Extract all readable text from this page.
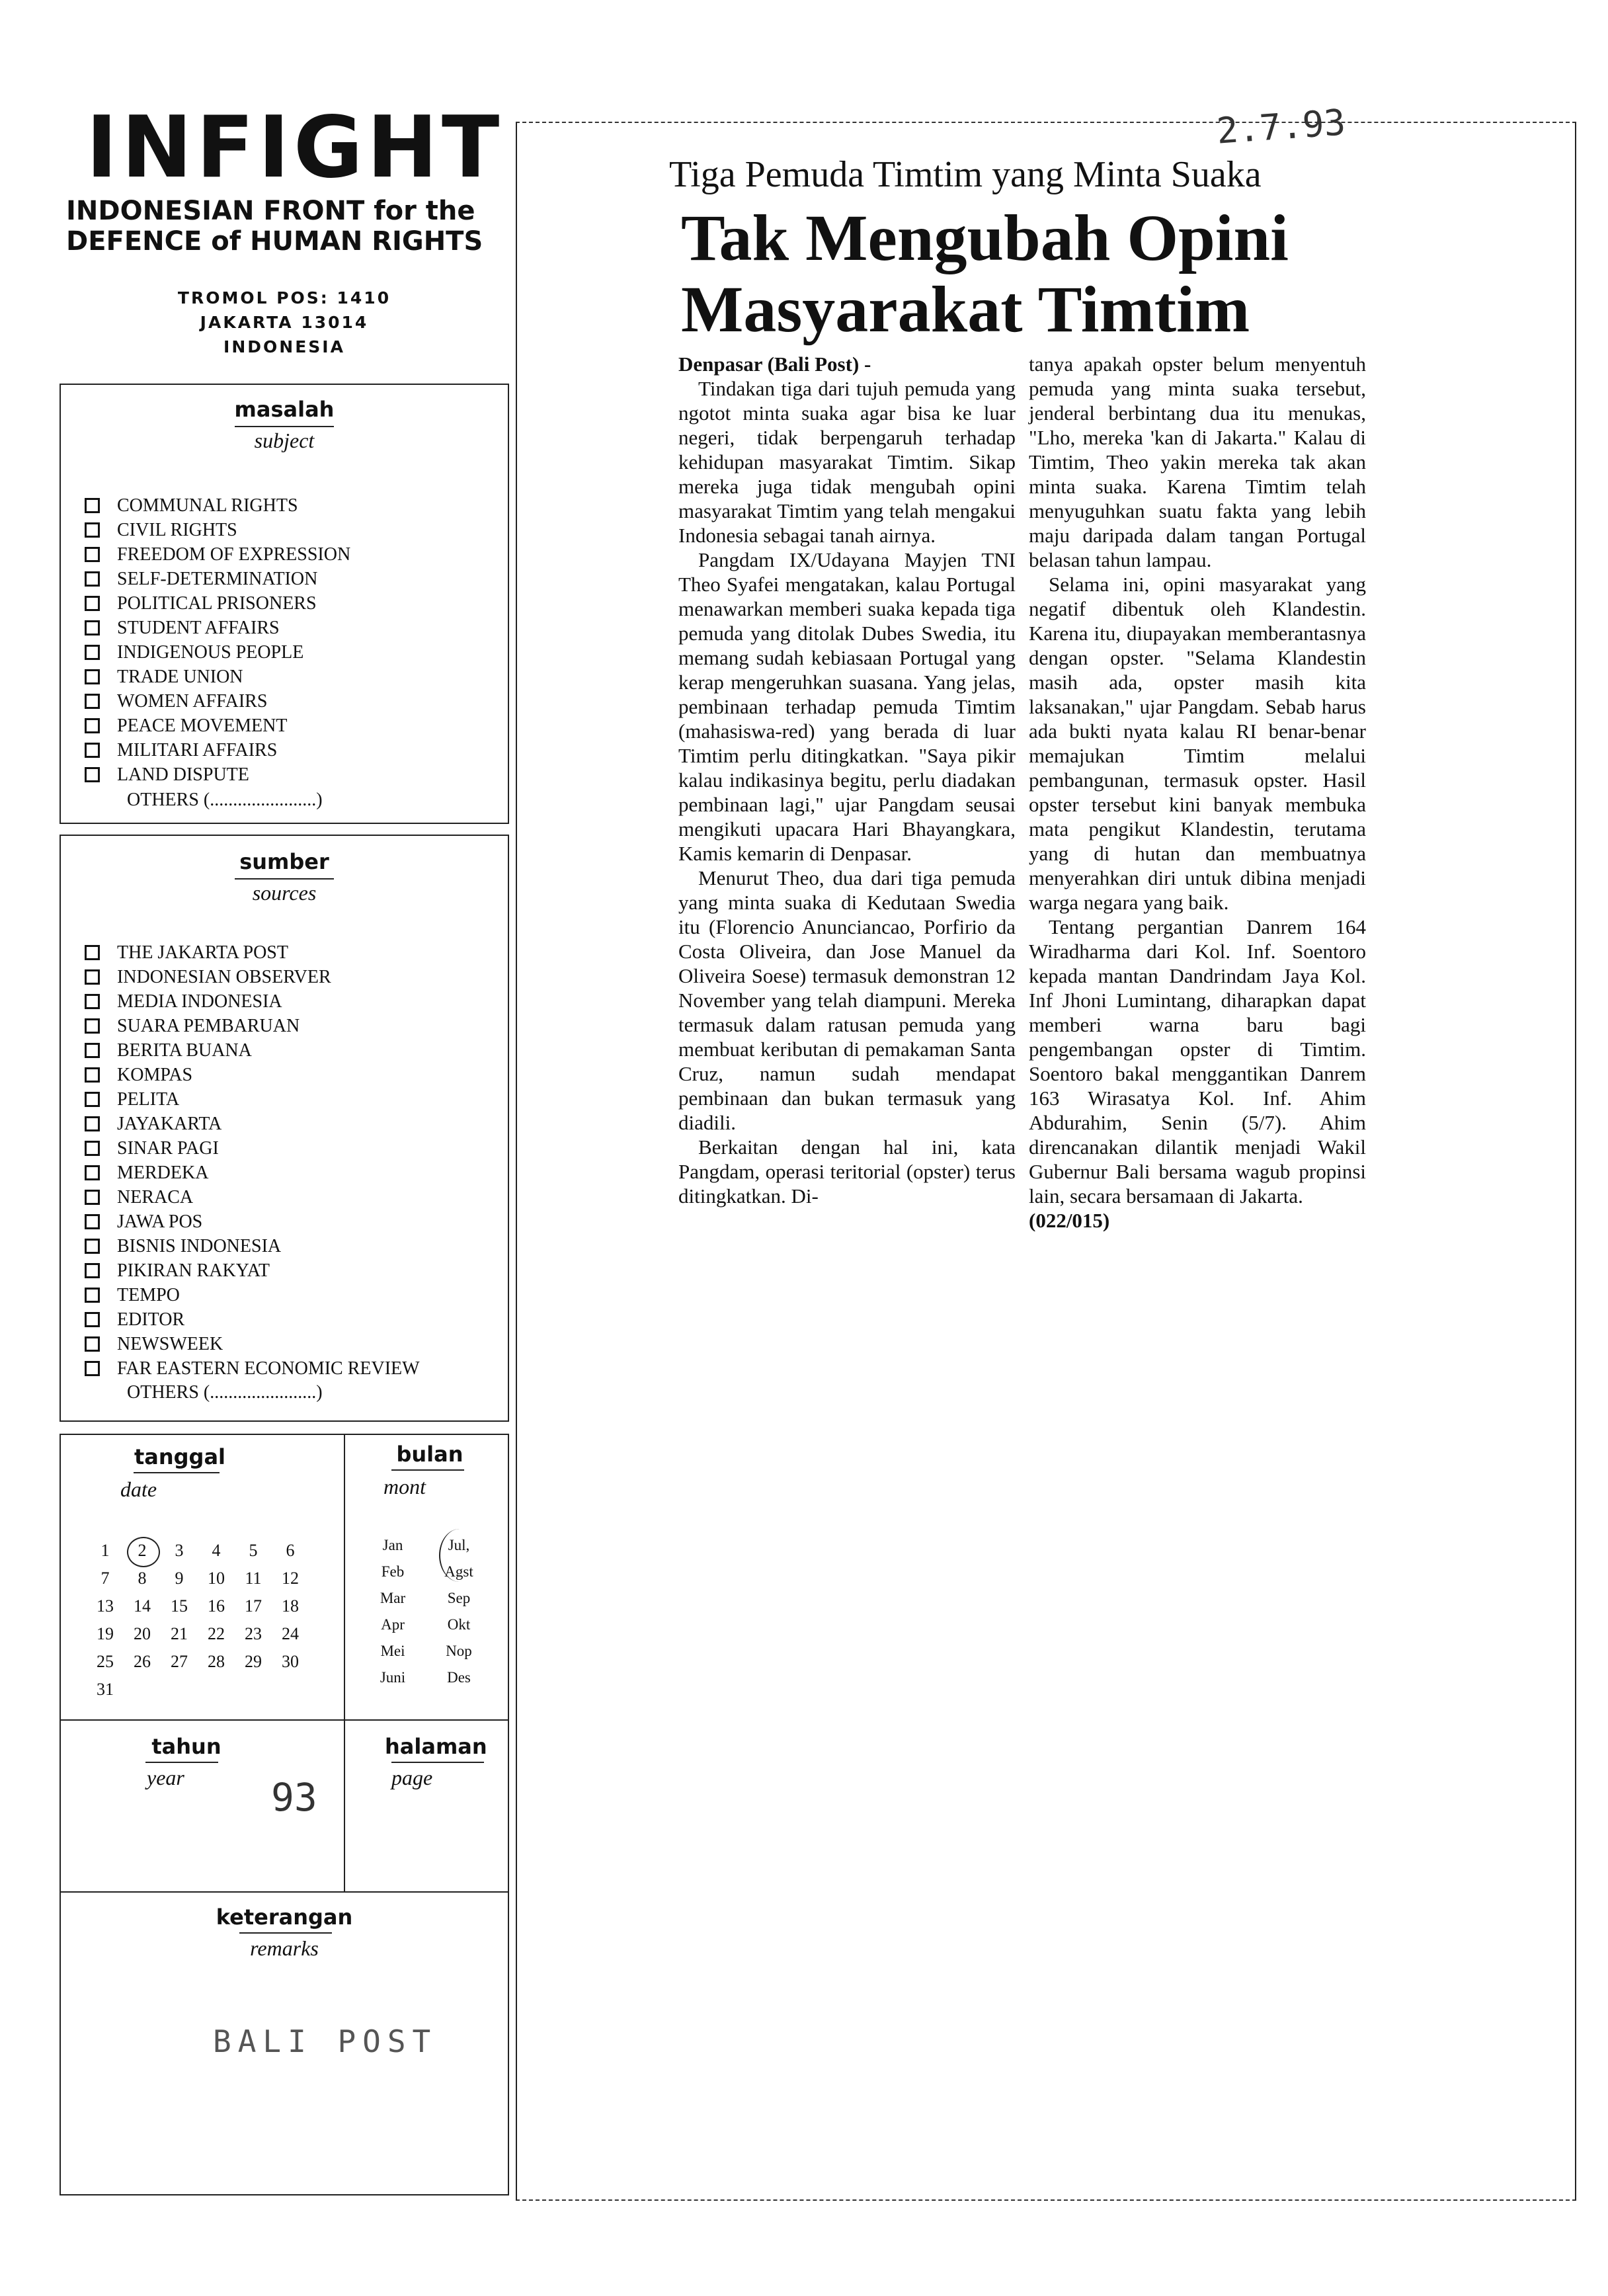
INFIGHT
INDONESIAN FRONT for the
DEFENCE of HUMAN RIGHTS
TROMOL POS: 1410
JAKARTA 13014
INDONESIA
masalah
subject
COMMUNAL RIGHTS
CIVIL RIGHTS
FREEDOM OF EXPRESSION
SELF-DETERMINATION
POLITICAL PRISONERS
STUDENT AFFAIRS
INDIGENOUS PEOPLE
TRADE UNION
WOMEN AFFAIRS
PEACE MOVEMENT
MILITARI AFFAIRS
LAND DISPUTE
OTHERS (.......................)
sumber
sources
THE JAKARTA POST
INDONESIAN OBSERVER
MEDIA INDONESIA
SUARA PEMBARUAN
BERITA BUANA
KOMPAS
PELITA
JAYAKARTA
SINAR PAGI
MERDEKA
NERACA
JAWA POS
BISNIS INDONESIA
PIKIRAN RAKYAT
TEMPO
EDITOR
NEWSWEEK
FAR EASTERN ECONOMIC REVIEW
OTHERS (.......................)
tanggal
date
bulan
mont
1	2	3	4	5	6
7	8	9	10	11	12
13	14	15	16	17	18
19	20	21	22	23	24
25	26	27	28	29	30
31
Jan	Jul,
Feb	Agst
Mar	Sep
Apr	Okt
Mei	Nop
Juni	Des
tahun
year	93
halaman
page
keterangan
remarks
BALI POST
2.7.93
Tiga Pemuda Timtim yang Minta Suaka
Tak Mengubah Opini
Masyarakat Timtim

Denpasar (Bali Post) -

Tindakan tiga dari tujuh pemuda yang ngotot minta suaka agar bisa ke luar negeri, tidak berpengaruh terhadap kehidupan masyarakat Timtim. Sikap mereka juga tidak mengubah opini masyarakat Timtim yang telah mengakui Indonesia sebagai tanah airnya.

Pangdam IX/Udayana Mayjen TNI Theo Syafei mengatakan, kalau Portugal menawarkan memberi suaka kepada tiga pemuda yang ditolak Dubes Swedia, itu memang sudah kebiasaan Portugal yang kerap mengeruhkan suasana. Yang jelas, pembinaan terhadap pemuda Timtim (mahasiswa-red) yang berada di luar Timtim perlu ditingkatkan. "Saya pikir kalau indikasinya begitu, perlu diadakan pembinaan lagi," ujar Pangdam seusai mengikuti upacara Hari Bhayangkara, Kamis kemarin di Denpasar.

Menurut Theo, dua dari tiga pemuda yang minta suaka di Kedutaan Swedia itu (Florencio Anunciancao, Porfirio da Costa Oliveira, dan Jose Manuel da Oliveira Soese) termasuk demonstran 12 November yang telah diampuni. Mereka termasuk dalam ratusan pemuda yang membuat keributan di pemakaman Santa Cruz, namun sudah mendapat pembinaan dan bukan termasuk yang diadili.

Berkaitan dengan hal ini, kata Pangdam, operasi teritorial (opster) terus ditingkatkan. Di-

tanya apakah opster belum menyentuh pemuda yang minta suaka tersebut, jenderal berbintang dua itu menukas, "Lho, mereka 'kan di Jakarta." Kalau di Timtim, Theo yakin mereka tak akan minta suaka. Karena Timtim telah menyuguhkan suatu fakta yang lebih maju daripada dalam tangan Portugal belasan tahun lampau.

Selama ini, opini masyarakat yang negatif dibentuk oleh Klandestin. Karena itu, diupayakan memberantasnya dengan opster. "Selama Klandestin masih ada, opster masih kita laksanakan," ujar Pangdam. Sebab harus ada bukti nyata kalau RI benar-benar memajukan Timtim melalui pembangunan, termasuk opster. Hasil opster tersebut kini banyak membuka mata pengikut Klandestin, terutama yang di hutan dan membuatnya menyerahkan diri untuk dibina menjadi warga negara yang baik.

Tentang pergantian Danrem 164 Wiradharma dari Kol. Inf. Soentoro kepada mantan Dandrindam Jaya Kol. Inf Jhoni Lumintang, diharapkan dapat memberi warna baru bagi pengembangan opster di Timtim. Soentoro bakal menggantikan Danrem 163 Wirasatya Kol. Inf. Ahim Abdurahim, Senin (5/7). Ahim direncanakan dilantik menjadi Wakil Gubernur Bali bersama wagub propinsi lain, secara bersamaan di Jakarta.

(022/015)
